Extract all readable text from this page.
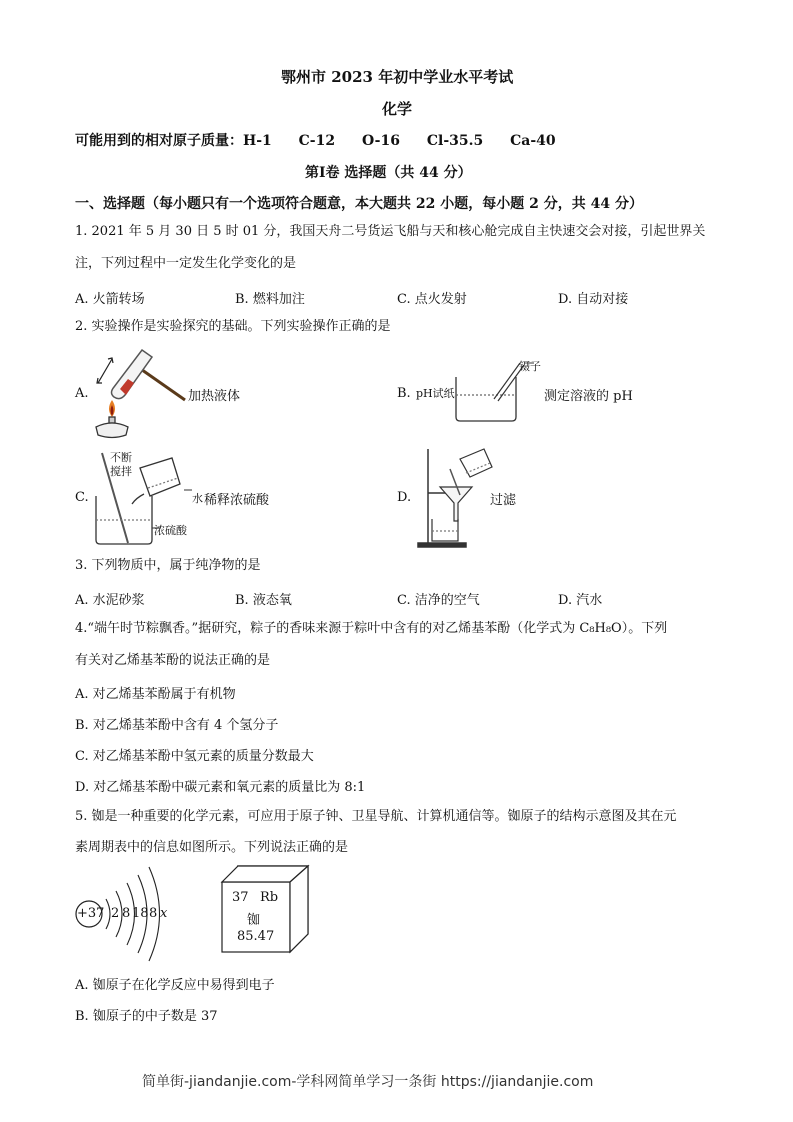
鄂州市 2023 年初中学业水平考试
化学
可能用到的相对原子质量：H-1 C-12 O-16 Cl-35.5 Ca-40
第Ⅰ卷 选择题（共 44 分）
一、选择题（每小题只有一个选项符合题意，本大题共 22 小题，每小题 2 分，共 44 分）
1. 2021 年 5 月 30 日 5 时 01 分，我国天舟二号货运飞船与天和核心舱完成自主快速交会对接，引起世界关
注，下列过程中一定发生化学变化的是
A. 火箭转场	B. 燃料加注	C. 点火发射	D. 自动对接
2. 实验操作是实验探究的基础。下列实验操作正确的是
A.	加热液体	B. pH试纸
镊子
测定溶液的 pH
C.
不断
搅拌
浓硫酸
水 稀释浓硫酸	D.	过滤
3. 下列物质中，属于纯净物的是
A. 水泥砂浆	B. 液态氧	C. 洁净的空气	D. 汽水
4.“端午时节粽飘香。”据研究，粽子的香味来源于粽叶中含有的对乙烯基苯酚（化学式为 C₈H₈O）。下列
有关对乙烯基苯酚的说法正确的是
A. 对乙烯基苯酚属于有机物
B. 对乙烯基苯酚中含有 4 个氢分子
C. 对乙烯基苯酚中氢元素的质量分数最大
D. 对乙烯基苯酚中碳元素和氧元素的质量比为 8:1
5. 铷是一种重要的化学元素，可应用于原子钟、卫星导航、计算机通信等。铷原子的结构示意图及其在元
素周期表中的信息如图所示。下列说法正确的是
+37 2 8 18 8 x
37 Rb
铷
85.47
A. 铷原子在化学反应中易得到电子
B. 铷原子的中子数是 37
简单街-jiandanjie.com-学科网简单学习一条街 https://jiandanjie.com
